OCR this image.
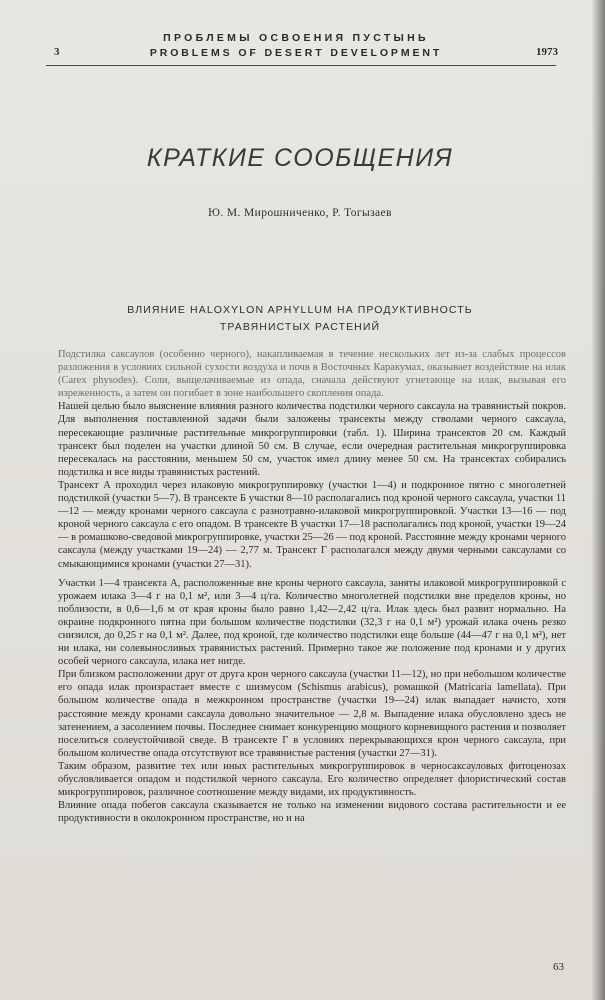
ПРОБЛЕМЫ ОСВОЕНИЯ ПУСТЫНЬ
3	PROBLEMS OF DESERT DEVELOPMENT	1973
КРАТКИЕ СООБЩЕНИЯ
Ю. М. Мирошниченко, Р. Тогызаев
ВЛИЯНИЕ HALOXYLON APHYLLUM НА ПРОДУКТИВНОСТЬ
ТРАВЯНИСТЫХ РАСТЕНИЙ

Подстилка саксаулов (особенно черного), накапливаемая в течение нескольких лет из-за слабых процессов разложения в условиях сильной сухости воздуха и почв в Восточных Каракумах, оказывает воздействие на илак (Carex physodes). Соли, выщелачиваемые из опада, сначала действуют угнетающе на илак, вызывая его изреженность, а затем он погибает в зоне наибольшего скопления опада.

Нашей целью было выяснение влияния разного количества подстилки черного саксаула на травянистый покров. Для выполнения поставленной задачи были заложены трансекты между стволами черного саксаула, пересекающие различные растительные микрогруппировки (табл. 1). Ширина трансектов 20 см. Каждый трансект был поделен на участки длиной 50 см. В случае, если очередная растительная микрогруппировка пересекалась на расстоянии, меньшем 50 см, участок имел длину менее 50 см. На трансектах собирались подстилка и все виды травянистых растений.

Трансект А проходил через илаковую микрогруппировку (участки 1—4) и подкронное пятно с многолетней подстилкой (участки 5—7). В трансекте Б участки 8—10 располагались под кроной черного саксаула, участки 11—12 — между кронами черного саксаула с разнотравно-илаковой микрогруппировкой. Участки 13—16 — под кроной черного саксаула с его опадом. В трансекте В участки 17—18 располагались под кроной, участки 19—24 — в ромашково-сведовой микрогруппировке, участки 25—26 — под кроной. Расстояние между кронами черного саксаула (между участками 19—24) — 2,77 м. Трансект Г располагался между двумя черными саксаулами со смыкающимися кронами (участки 27—31).

Участки 1—4 трансекта А, расположенные вне кроны черного саксаула, заняты илаковой микрогруппировкой с урожаем илака 3—4 г на 0,1 м², или 3—4 ц/га. Количество многолетней подстилки вне пределов кроны, но поблизости, в 0,6—1,6 м от края кроны было равно 1,42—2,42 ц/га. Илак здесь был развит нормально. На окраине подкронного пятна при большом количестве подстилки (32,3 г на 0,1 м²) урожай илака очень резко снизился, до 0,25 г на 0,1 м². Далее, под кроной, где количество подстилки еще больше (44—47 г на 0,1 м²), нет ни илака, ни солевыносливых травянистых растений. Примерно такое же положение под кронами и у других особей черного саксаула, илака нет нигде.

При близком расположении друг от друга крон черного саксаула (участки 11—12), но при небольшом количестве его опада илак произрастает вместе с шизмусом (Schismus arabicus), ромашкой (Matricaria lamellata). При большом количестве опада в межкронном пространстве (участки 19—24) илак выпадает начисто, хотя расстояние между кронами саксаула довольно значительное — 2,8 м. Выпадение илака обусловлено здесь не затенением, а засолением почвы. Последнее снимает конкуренцию мощного корневищного растения и позволяет поселиться солеустойчивой сведе. В трансекте Г в условиях перекрывающихся крон черного саксаула, при большом количестве опада отсутствуют все травянистые растения (участки 27—31).

Таким образом, развитие тех или иных растительных микрогруппировок в черносаксауловых фитоценозах обусловливается опадом и подстилкой черного саксаула. Его количество определяет флористический состав микрогруппировок, различное соотношение между видами, их продуктивность.

Влияние опада побегов саксаула сказывается не только на изменении видового состава растительности и ее продуктивности в околокронном пространстве, но и на

63
